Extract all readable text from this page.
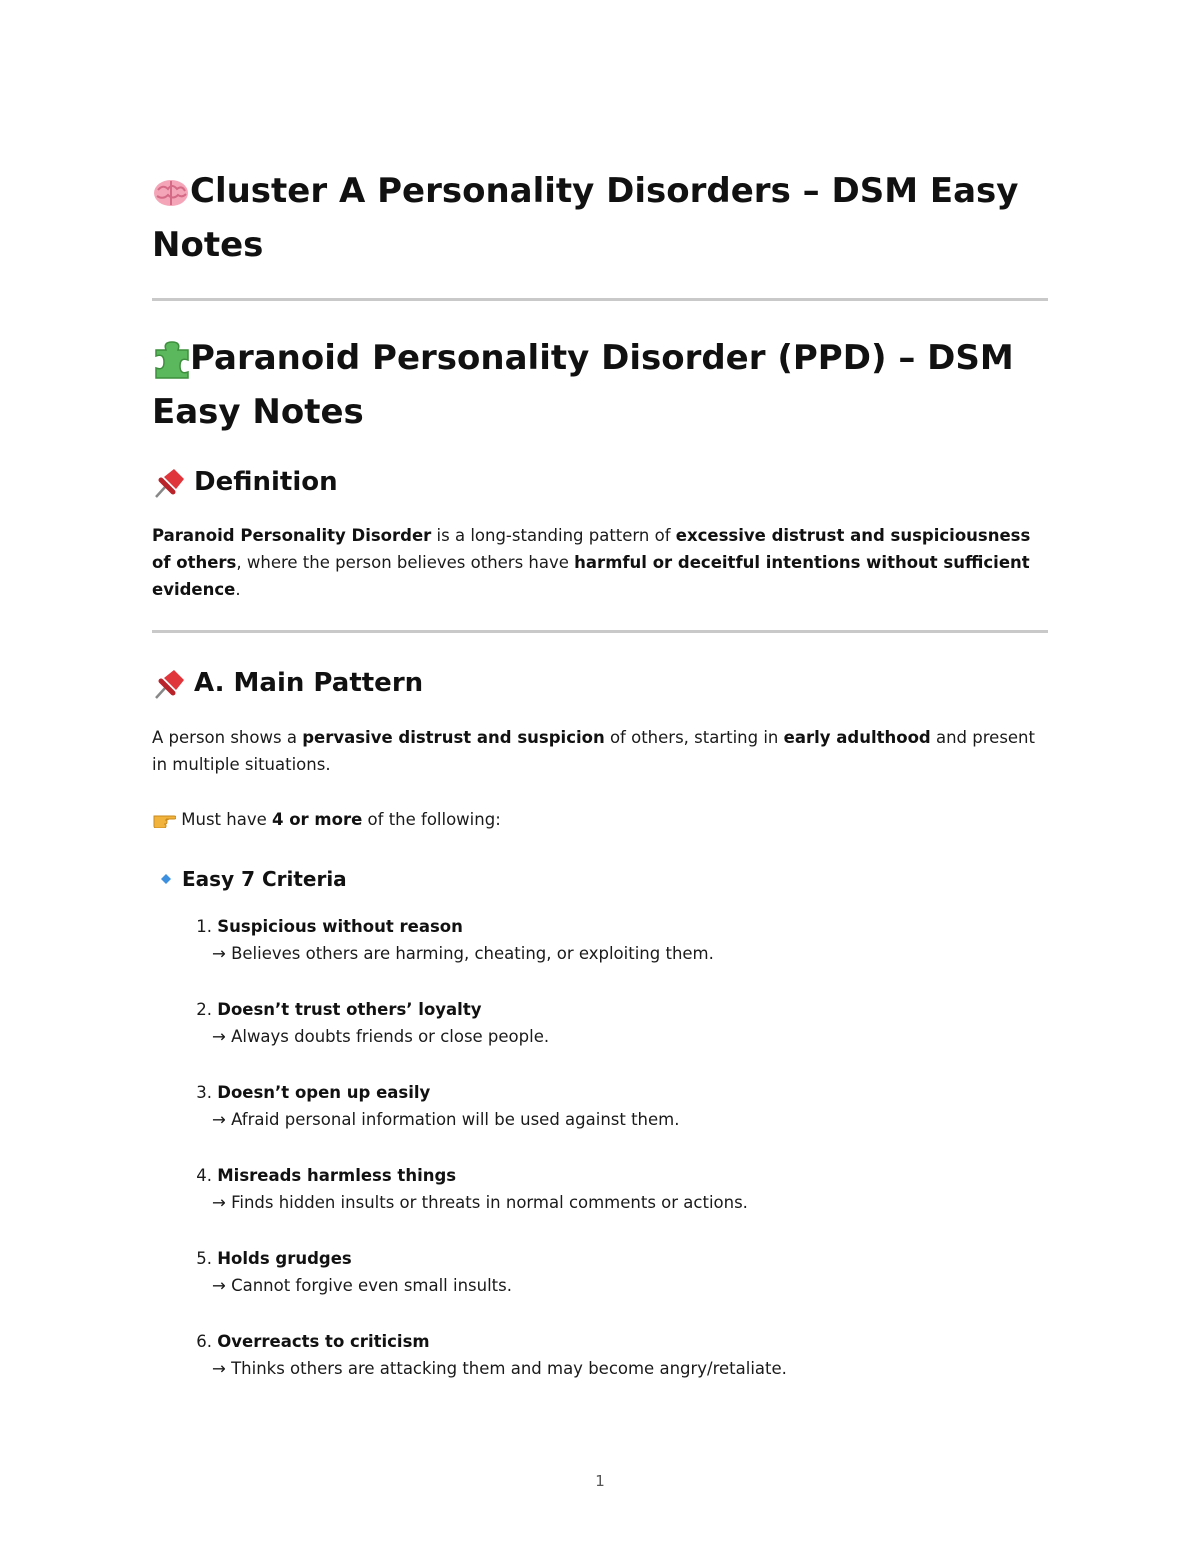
Cluster A Personality Disorders – DSM Easy Notes
Paranoid Personality Disorder (PPD) – DSM Easy Notes
Definition

Paranoid Personality Disorder is a long-standing pattern of excessive distrust and suspiciousness of others, where the person believes others have harmful or deceitful intentions without sufficient evidence.

A. Main Pattern

A person shows a pervasive distrust and suspicion of others, starting in early adulthood and present in multiple situations.

Must have 4 or more of the following:

Easy 7 Criteria
1. Suspicious without reason
→ Believes others are harming, cheating, or exploiting them.
2. Doesn’t trust others’ loyalty
→ Always doubts friends or close people.
3. Doesn’t open up easily
→ Afraid personal information will be used against them.
4. Misreads harmless things
→ Finds hidden insults or threats in normal comments or actions.
5. Holds grudges
→ Cannot forgive even small insults.
6. Overreacts to criticism
→ Thinks others are attacking them and may become angry/retaliate.
1
